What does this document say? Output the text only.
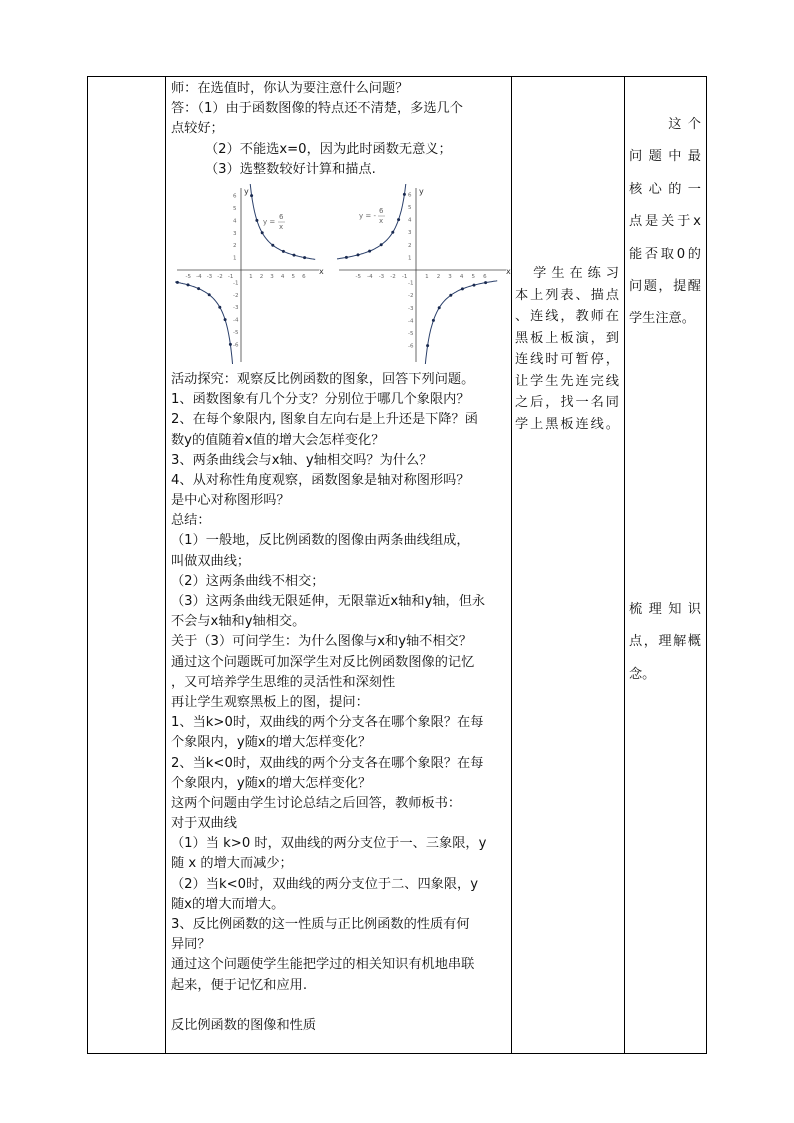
师：在选值时，你认为要注意什么问题？
答：（1）由于函数图像的特点还不清楚，多选几个
点较好；
（2）不能选x=0，因为此时函数无意义；
（3）选整数较好计算和描点.
x
y
-5 -4 -3 -2 -1	1 2 3 4 5 6
-6
-5
-4
-3
-2
-1
1
2
3
4
5
6
y =
6
x
x
y
-5 -4 -3 -2 -1	1 2 3 4 5 6
-6
-5
-4
-3
-2
-1
1
2
3
4
5
6
y = -
6
x
活动探究：观察反比例函数的图象，回答下列问题。
1、函数图象有几个分支？分别位于哪几个象限内？
2、在每个象限内, 图象自左向右是上升还是下降？函
数y的值随着x值的增大会怎样变化？
3、两条曲线会与x轴、y轴相交吗？为什么？
4、从对称性角度观察，函数图象是轴对称图形吗？
是中心对称图形吗？
总结：
（1）一般地，反比例函数的图像由两条曲线组成，
叫做双曲线；
（2）这两条曲线不相交；
（3）这两条曲线无限延伸，无限靠近x轴和y轴，但永
不会与x轴和y轴相交。
关于（3）可问学生：为什么图像与x和y轴不相交？
通过这个问题既可加深学生对反比例函数图像的记忆
，又可培养学生思维的灵活性和深刻性
再让学生观察黑板上的图，提问：
1、当k>0时，双曲线的两个分支各在哪个象限？在每
个象限内，y随x的增大怎样变化？
2、当k<0时，双曲线的两个分支各在哪个象限？在每
个象限内，y随x的增大怎样变化？
这两个问题由学生讨论总结之后回答，教师板书：
对于双曲线
（1）当 k>0 时，双曲线的两分支位于一、三象限，y
随 x 的增大而减少；
（2）当k<0时，双曲线的两分支位于二、四象限，y
随x的增大而增大。
3、反比例函数的这一性质与正比例函数的性质有何
异同？
通过这个问题使学生能把学过的相关知识有机地串联
起来，便于记忆和应用.
反比例函数的图像和性质
　学生在练习
本上列表、描点
、连线，教师在
黑板上板演，到
连线时可暂停，
让学生先连完线
之后，找一名同
学上黑板连线。
　　这个
问题中最
核心的一
点是关于x
能否取0的
问题，提醒
学生注意。
梳理知识
点，理解概
念。
